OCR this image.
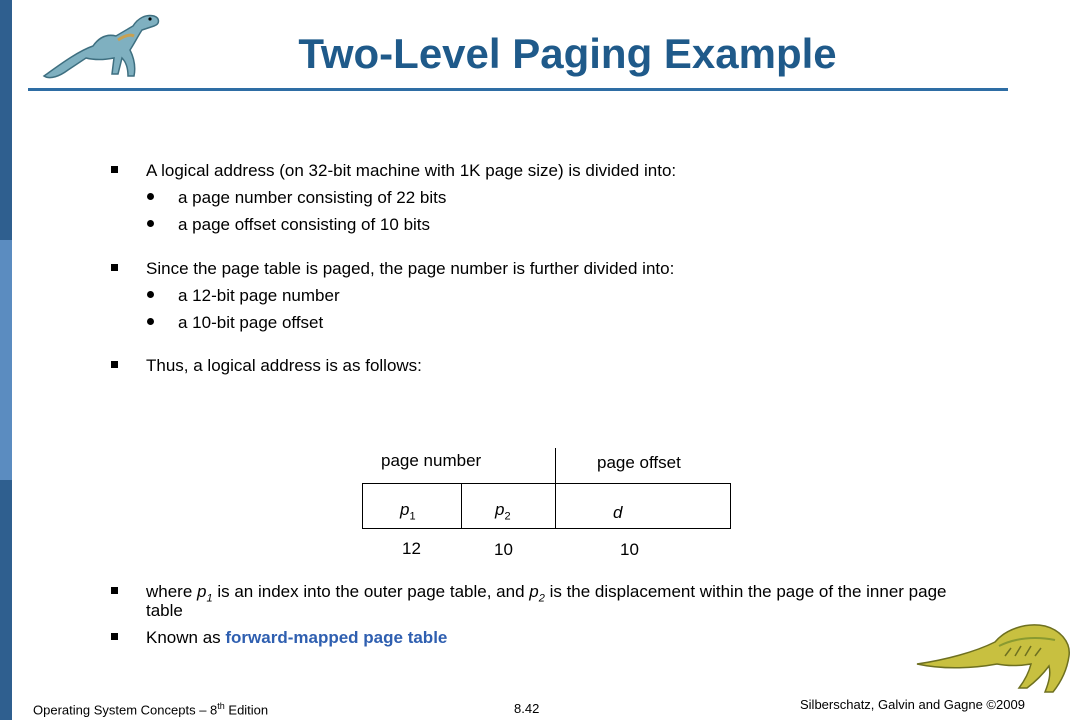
Two-Level Paging Example
A logical address (on 32-bit machine with 1K page size) is divided into:
a page number consisting of 22 bits
a page offset consisting of 10 bits
Since the page table is paged, the page number is further divided into:
a 12-bit page number
a 10-bit page offset
Thus, a logical address is as follows:
page number	page offset
$p_1$	$p_2$	d
12	10	10
where $p_1$ is an index into the outer page table, and $p_2$ is the displacement within the page of the inner page
table
Known as forward-mapped page table
Operating System Concepts – 8th Edition	8.42	Silberschatz, Galvin and Gagne ©2009
